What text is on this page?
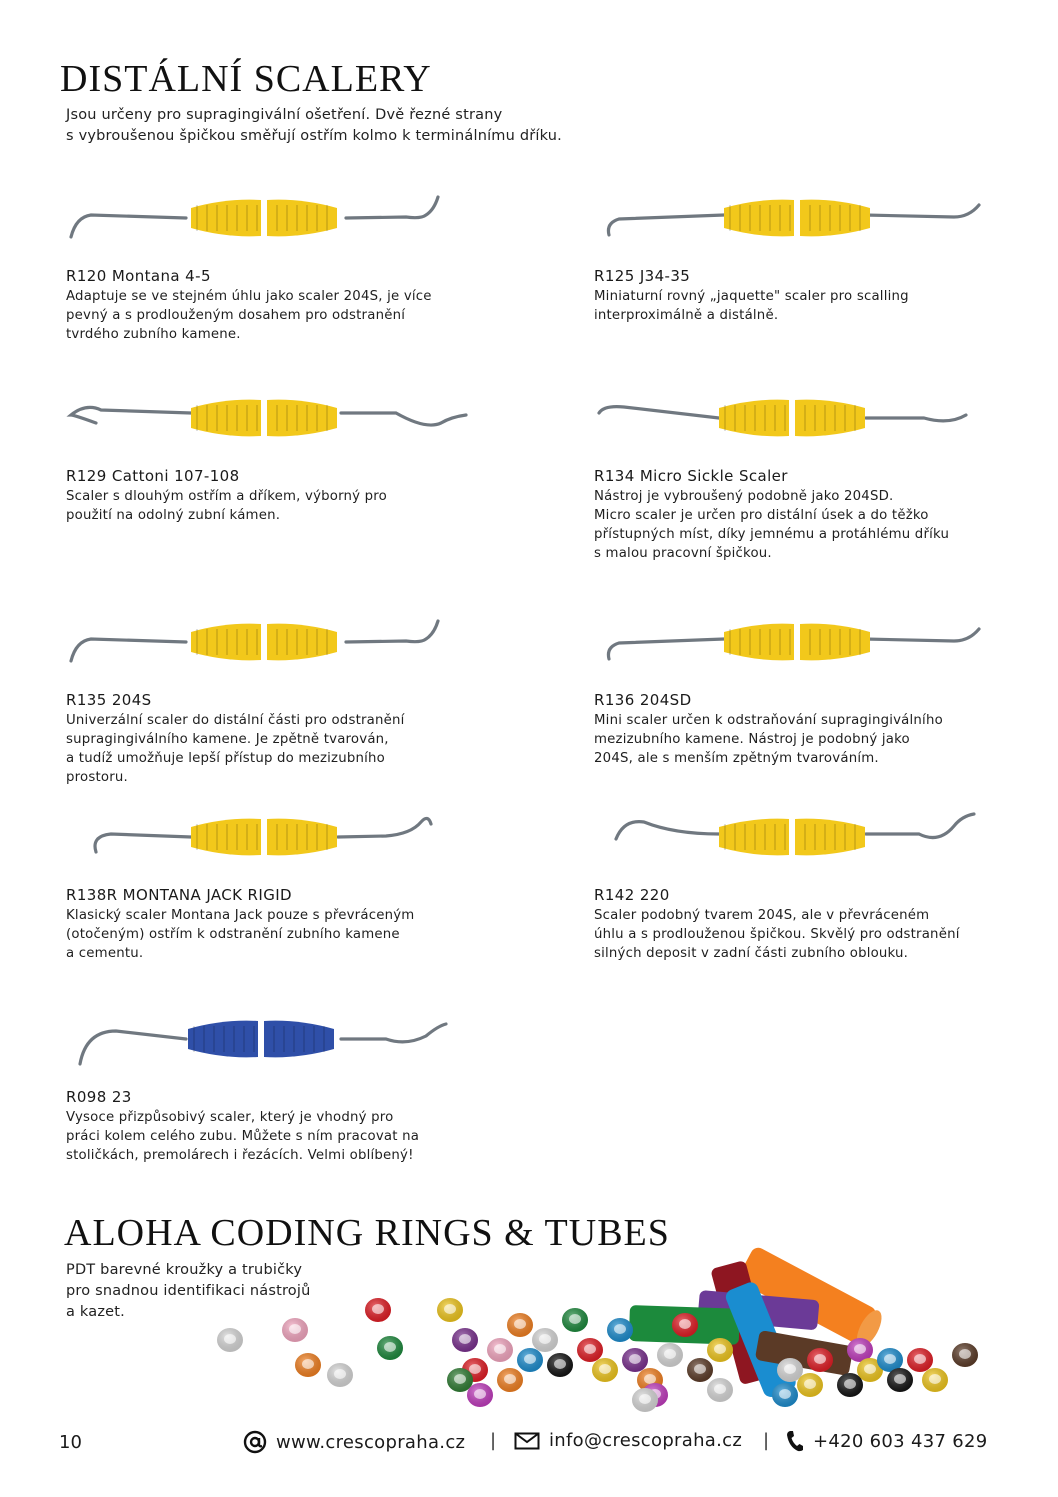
DISTÁLNÍ SCALERY
Jsou určeny pro supragingivální ošetření. Dvě řezné strany
s vybroušenou špičkou směřují ostřím kolmo k terminálnímu dříku.
R120 Montana 4-5
Adaptuje se ve stejném úhlu jako scaler 204S, je více
pevný a s prodlouženým dosahem pro odstranění
tvrdého zubního kamene.
R125 J34-35
Miniaturní rovný „jaquette" scaler pro scalling
interproximálně a distálně.
R129 Cattoni 107-108
Scaler s dlouhým ostřím a dříkem, výborný pro
použití na odolný zubní kámen.
R134 Micro Sickle Scaler
Nástroj je vybroušený podobně jako 204SD.
Micro scaler je určen pro distální úsek a do těžko
přístupných míst, díky jemnému a protáhlému dříku
s malou pracovní špičkou.
R135 204S
Univerzální scaler do distální části pro odstranění
supragingiválního kamene. Je zpětně tvarován,
a tudíž umožňuje lepší přístup do mezizubního
prostoru.
R136 204SD
Mini scaler určen k odstraňování supragingiválního
mezizubního kamene. Nástroj je podobný jako
204S, ale s menším zpětným tvarováním.
R138R MONTANA JACK RIGID
Klasický scaler Montana Jack pouze s převráceným
(otočeným) ostřím k odstranění zubního kamene
a cementu.
R142 220
Scaler podobný tvarem 204S, ale v převráceném
úhlu a s prodlouženou špičkou. Skvělý pro odstranění
silných deposit v zadní části zubního oblouku.
R098 23
Vysoce přizpůsobivý scaler, který je vhodný pro
práci kolem celého zubu. Můžete s ním pracovat na
stoličkách, premolárech i řezácích. Velmi oblíbený!
ALOHA CODING RINGS & TUBES
PDT barevné kroužky a trubičky
pro snadnou identifikaci nástrojů
a kazet.
10	www.crescopraha.cz |	info@crescopraha.cz | +420 603 437 629
